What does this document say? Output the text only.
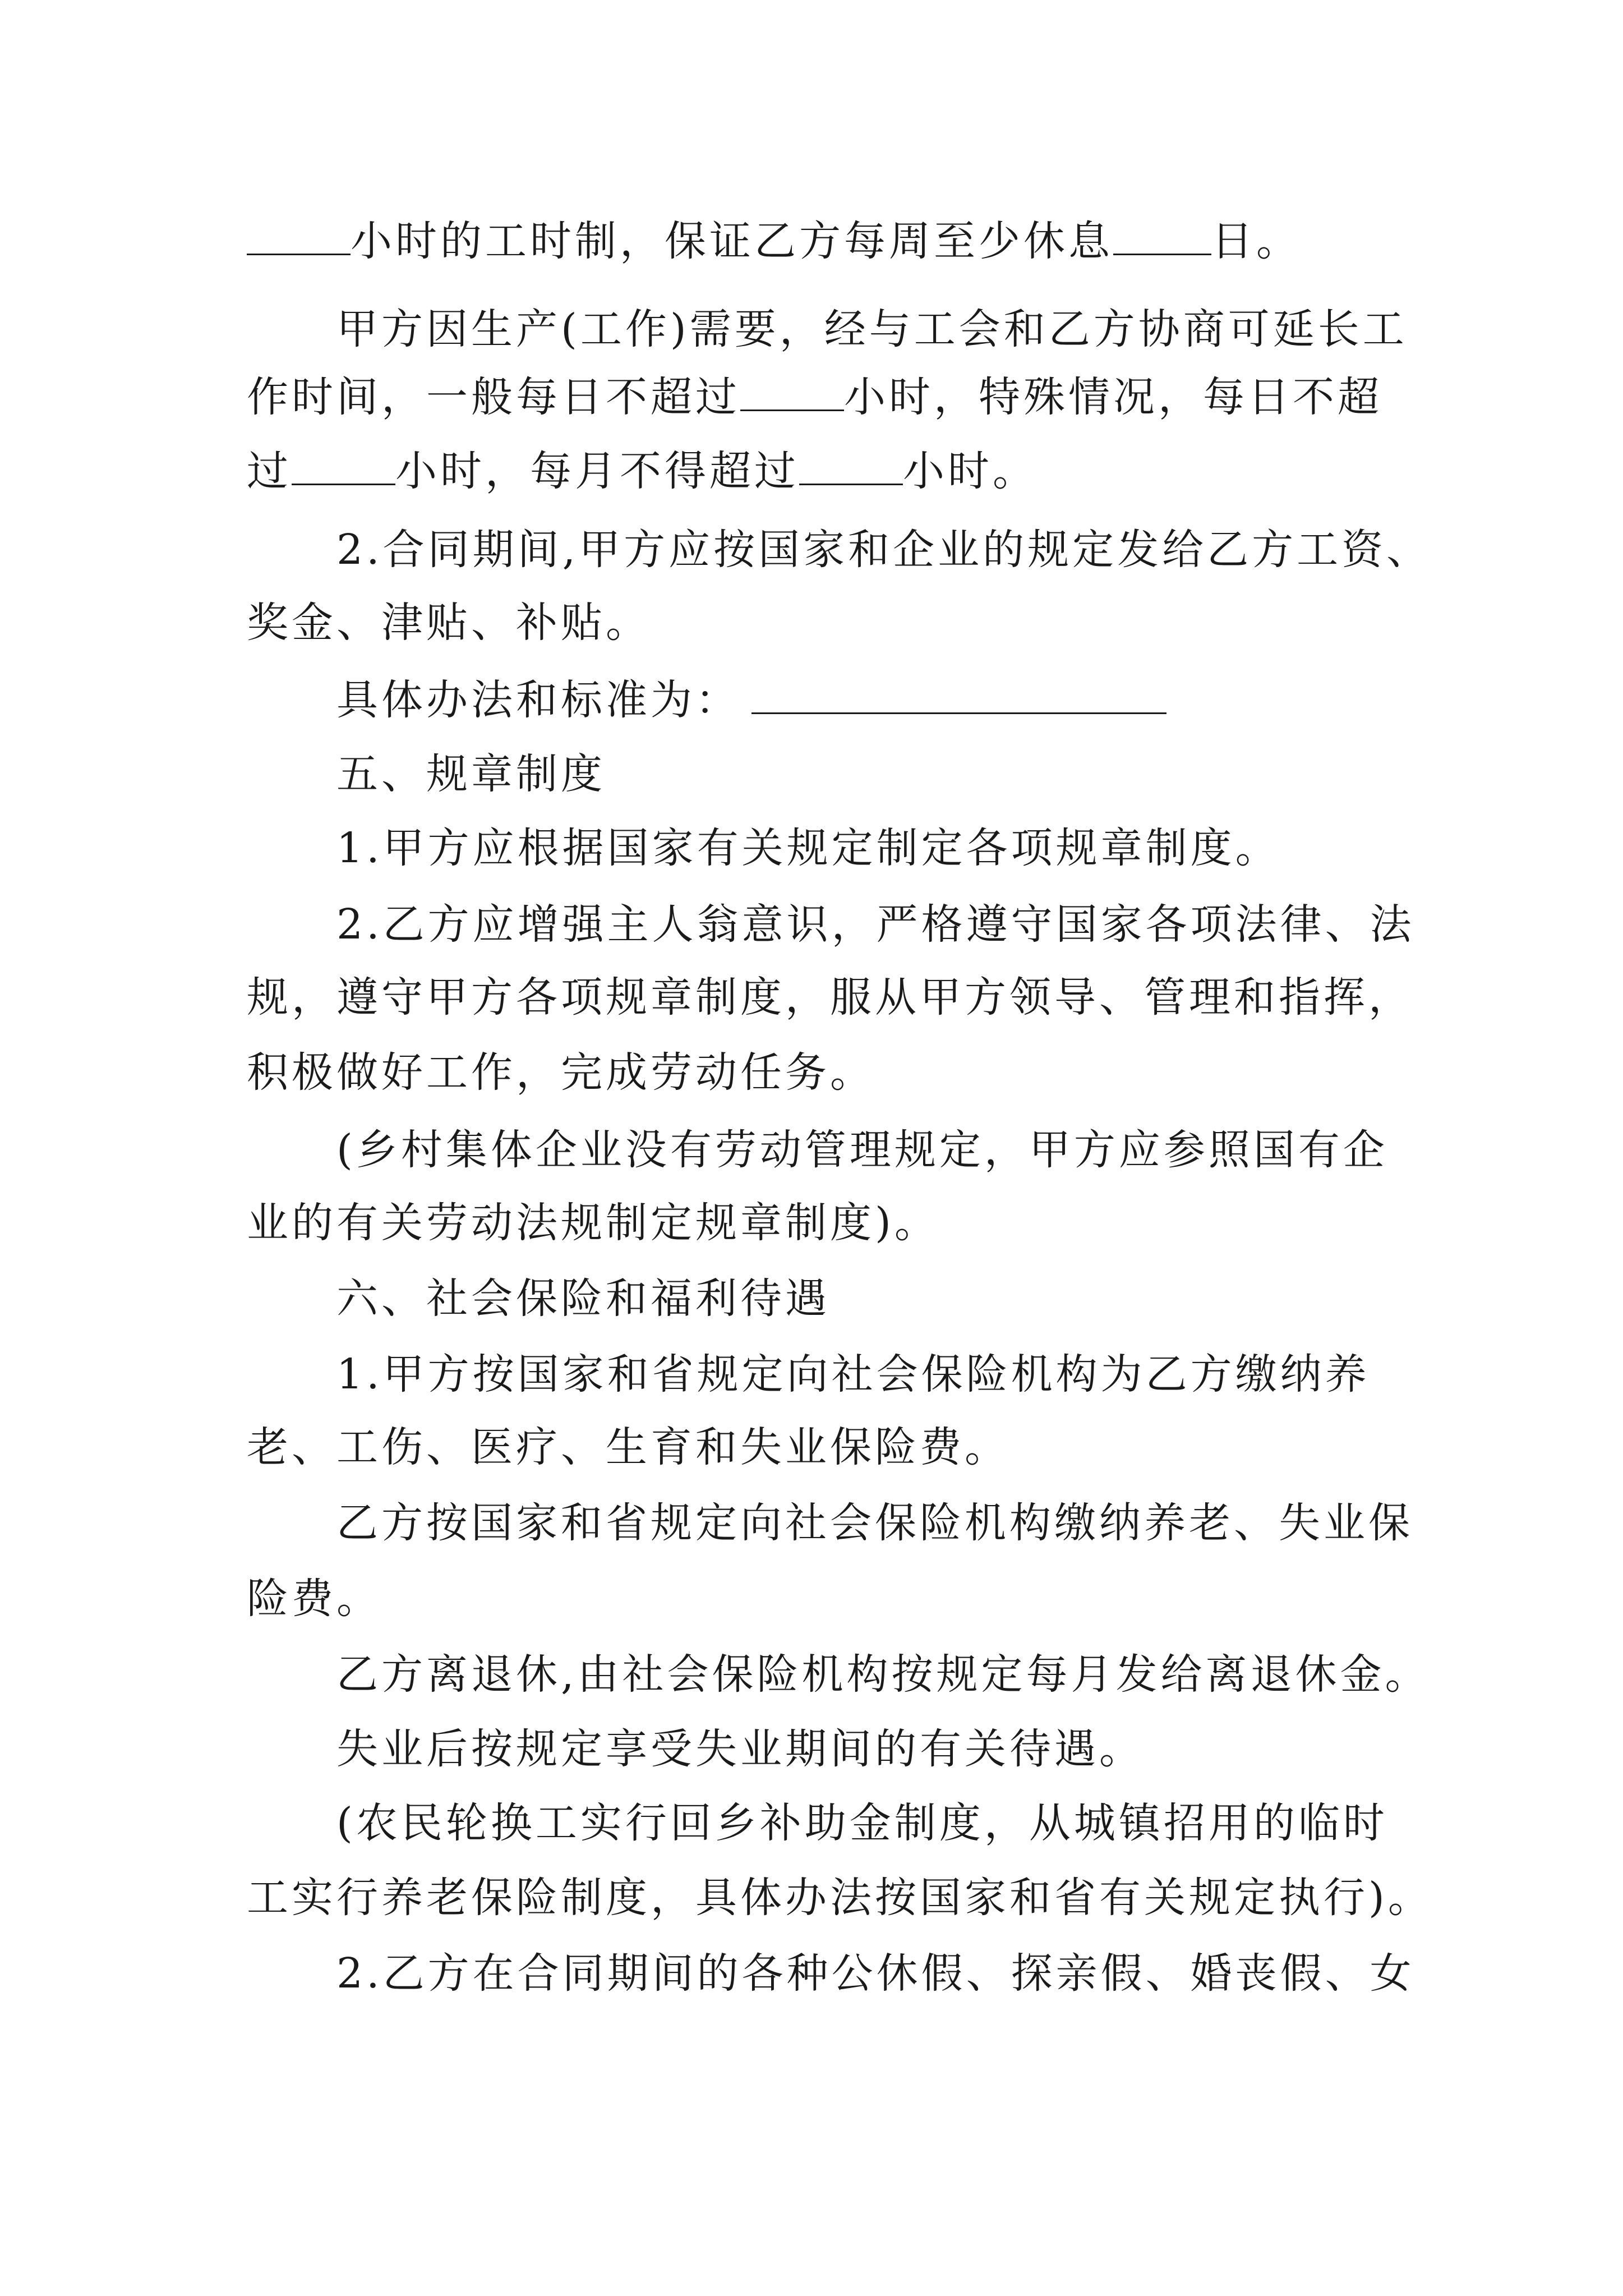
小时的工时制，保证乙方每周至少休息 日。
甲方因生产(工作)需要，经与工会和乙方协商可延长工
作时间，一般每日不超过	小时，特殊情况，每日不超
过	小时，每月不得超过	小时。
2.合同期间,甲方应按国家和企业的规定发给乙方工资、
奖金、津贴、补贴。
具体办法和标准为：
五、规章制度
1.甲方应根据国家有关规定制定各项规章制度。
2.乙方应增强主人翁意识，严格遵守国家各项法律、法
规，遵守甲方各项规章制度，服从甲方领导、管理和指挥，
积极做好工作，完成劳动任务。
(乡村集体企业没有劳动管理规定，甲方应参照国有企
业的有关劳动法规制定规章制度)。
六、社会保险和福利待遇
1.甲方按国家和省规定向社会保险机构为乙方缴纳养
老、工伤、医疗、生育和失业保险费。
乙方按国家和省规定向社会保险机构缴纳养老、失业保
险费。
乙方离退休,由社会保险机构按规定每月发给离退休金。
失业后按规定享受失业期间的有关待遇。
(农民轮换工实行回乡补助金制度，从城镇招用的临时
工实行养老保险制度，具体办法按国家和省有关规定执行)。
2.乙方在合同期间的各种公休假、探亲假、婚丧假、女
